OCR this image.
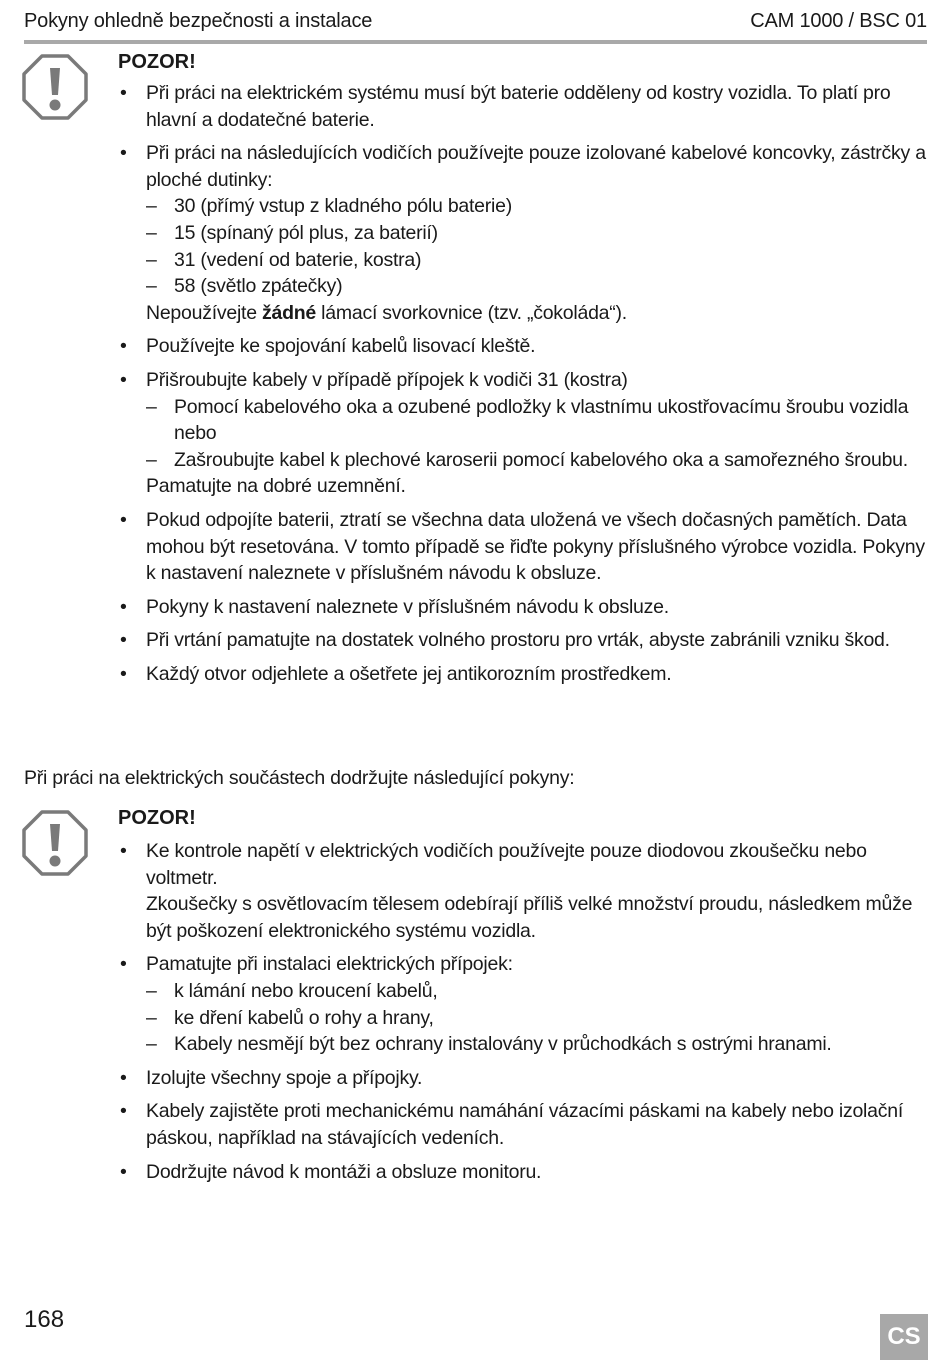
Pokyny ohledně bezpečnosti a instalace	CAM 1000 / BSC 01
POZOR!
• Při práci na elektrickém systému musí být baterie odděleny od kostry vozidla. To platí pro hlavní a dodatečné baterie.
• Při práci na následujících vodičích používejte pouze izolované kabelové koncovky, zástrčky a ploché dutinky:
– 30 (přímý vstup z kladného pólu baterie)
– 15 (spínaný pól plus, za baterií)
– 31 (vedení od baterie, kostra)
– 58 (světlo zpátečky)
Nepoužívejte žádné lámací svorkovnice (tzv. „čokoláda“).
• Používejte ke spojování kabelů lisovací kleště.
• Přišroubujte kabely v případě přípojek k vodiči 31 (kostra)
– Pomocí kabelového oka a ozubené podložky k vlastnímu ukostřovacímu šroubu vozidla nebo
– Zašroubujte kabel k plechové karoserii pomocí kabelového oka a samořezného šroubu.
Pamatujte na dobré uzemnění.
• Pokud odpojíte baterii, ztratí se všechna data uložená ve všech dočasných pamětích. Data mohou být resetována. V tomto případě se řiďte pokyny příslušného výrobce vozidla. Pokyny k nastavení naleznete v příslušném návodu k obsluze.
• Pokyny k nastavení naleznete v příslušném návodu k obsluze.
• Při vrtání pamatujte na dostatek volného prostoru pro vrták, abyste zabránili vzniku škod.
• Každý otvor odjehlete a ošetřete jej antikorozním prostředkem.
Při práci na elektrických součástech dodržujte následující pokyny:
POZOR!
• Ke kontrole napětí v elektrických vodičích používejte pouze diodovou zkoušečku nebo voltmetr.
Zkoušečky s osvětlovacím tělesem odebírají příliš velké množství proudu, následkem může být poškození elektronického systému vozidla.
• Pamatujte při instalaci elektrických přípojek:
– k lámání nebo kroucení kabelů,
– ke dření kabelů o rohy a hrany,
– Kabely nesmějí být bez ochrany instalovány v průchodkách s ostrými hranami.
• Izolujte všechny spoje a přípojky.
• Kabely zajistěte proti mechanickému namáhání vázacími páskami na kabely nebo izolační páskou, například na stávajících vedeních.
• Dodržujte návod k montáži a obsluze monitoru.
168
CS
